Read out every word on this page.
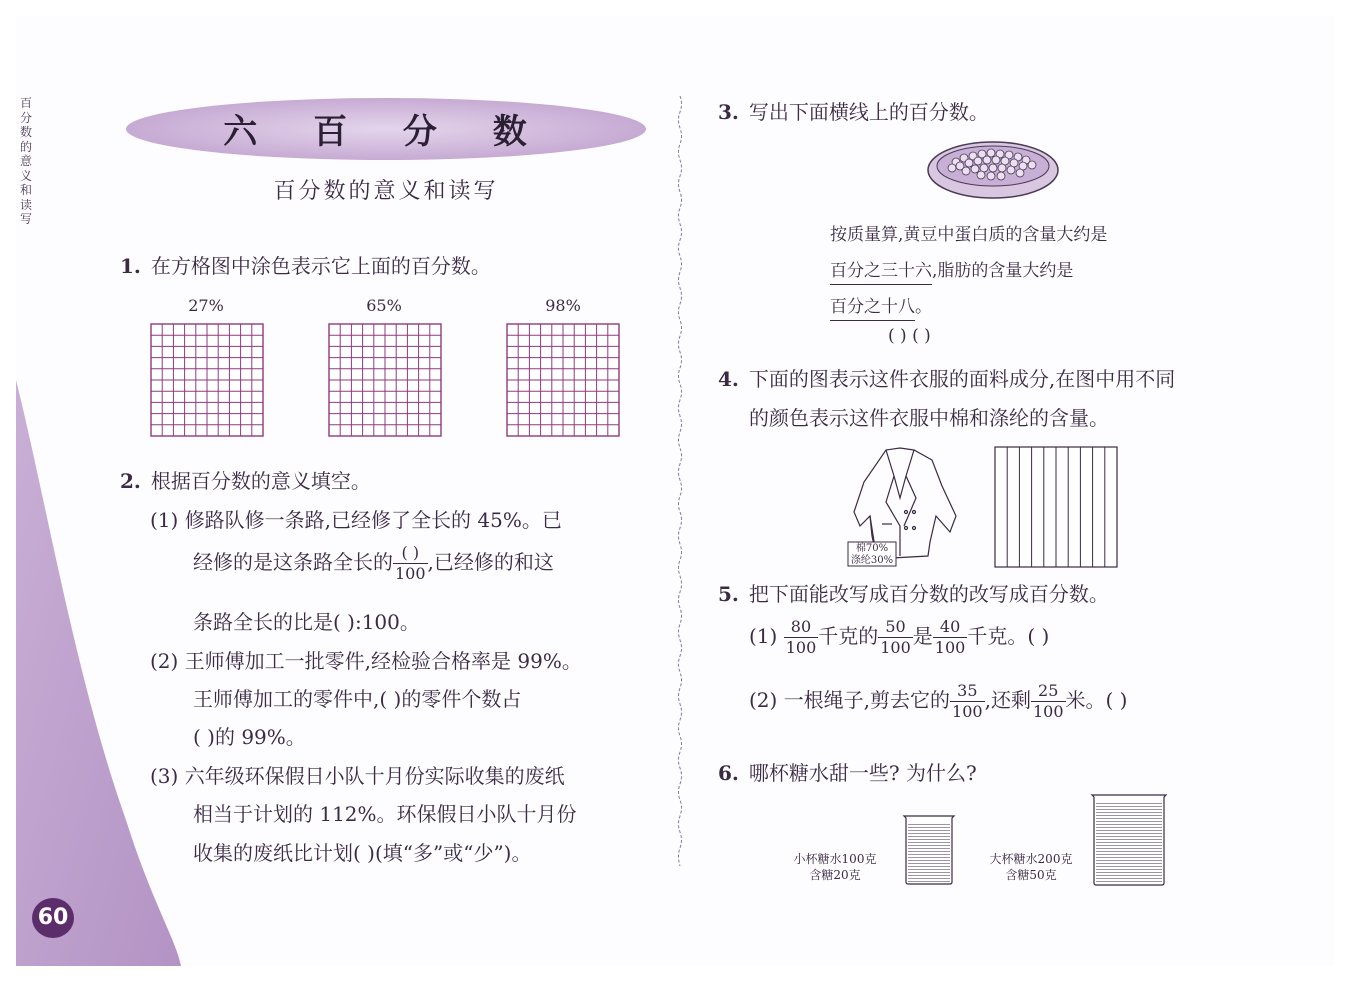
百分数的意义和读写
60
六 百 分 数
百分数的意义和读写
1. 在方格图中涂色表示它上面的百分数。
27%	65%	98%
2. 根据百分数的意义填空。
(1) 修路队修一条路,已经修了全长的 45%。已
经修的是这条路全长的 $\frac{( )}{100}$ ,已经修的和这
条路全长的比是( ):100。
(2) 王师傅加工一批零件,经检验合格率是 99%。
王师傅加工的零件中,( )的零件个数占
( )的 99%。
(3) 六年级环保假日小队十月份实际收集的废纸
相当于计划的 112%。环保假日小队十月份
收集的废纸比计划( )(填“多”或“少”)。
3. 写出下面横线上的百分数。
按质量算,黄豆中蛋白质的含量大约是
百分之三十六,脂肪的含量大约是
百分之十八。
( ) ( )
4. 下面的图表示这件衣服的面料成分,在图中用不同
的颜色表示这件衣服中棉和涤纶的含量。
棉70%
涤纶30%
5. 把下面能改写成百分数的改写成百分数。
$(1) \frac{80}{100}$ 千克的 $\frac{50}{100}$ 是 $\frac{40}{100}$ 千克。( )
(2) 一根绳子,剪去它的 $\frac{35}{100}$ ,还剩 $\frac{25}{100}$ 米。( )
6. 哪杯糖水甜一些? 为什么?
小杯糖水100克
含糖20克
大杯糖水200克
含糖50克
